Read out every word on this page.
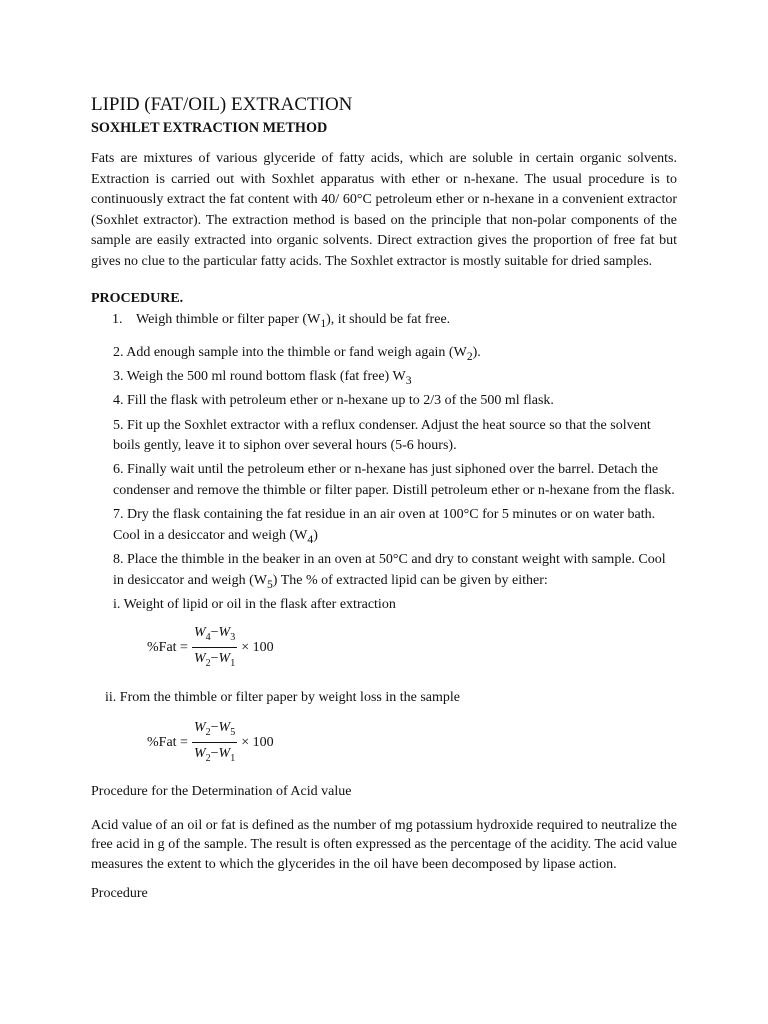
LIPID (FAT/OIL) EXTRACTION
SOXHLET EXTRACTION METHOD

Fats are mixtures of various glyceride of fatty acids, which are soluble in certain organic solvents. Extraction is carried out with Soxhlet apparatus with ether or n-hexane. The usual procedure is to continuously extract the fat content with 40/ 60°C petroleum ether or n-hexane in a convenient extractor (Soxhlet extractor). The extraction method is based on the principle that non-polar components of the sample are easily extracted into organic solvents. Direct extraction gives the proportion of free fat but gives no clue to the particular fatty acids. The Soxhlet extractor is mostly suitable for dried samples.

PROCEDURE.

1. Weigh thimble or filter paper $(W_1)$, it should be fat free.

2. Add enough sample into the thimble or fand weigh again $(W_2)$.

3. Weigh the 500 ml round bottom flask (fat free) $W_3$

4. Fill the flask with petroleum ether or n-hexane up to 2/3 of the 500 ml flask.

5. Fit up the Soxhlet extractor with a reflux condenser. Adjust the heat source so that the solvent boils gently, leave it to siphon over several hours (5-6 hours).

6. Finally wait until the petroleum ether or n-hexane has just siphoned over the barrel. Detach the condenser and remove the thimble or filter paper. Distill petroleum ether or n-hexane from the flask.

7. Dry the flask containing the fat residue in an air oven at 100°C for 5 minutes or on water bath. Cool in a desiccator and weigh $(W_4)$

8. Place the thimble in the beaker in an oven at 50°C and dry to constant weight with sample. Cool in desiccator and weigh $(W_5)$ The % of extracted lipid can be given by either:

i. Weight of lipid or oil in the flask after extraction

$\%Fat = \frac{W_4-W_3}{W_2-W_1} \times 100$

ii. From the thimble or filter paper by weight loss in the sample

$\%Fat = \frac{W_2-W_5}{W_2-W_1} \times 100$

Procedure for the Determination of Acid value

Acid value of an oil or fat is defined as the number of mg potassium hydroxide required to neutralize the free acid in g of the sample. The result is often expressed as the percentage of the acidity. The acid value measures the extent to which the glycerides in the oil have been decomposed by lipase action.

Procedure
